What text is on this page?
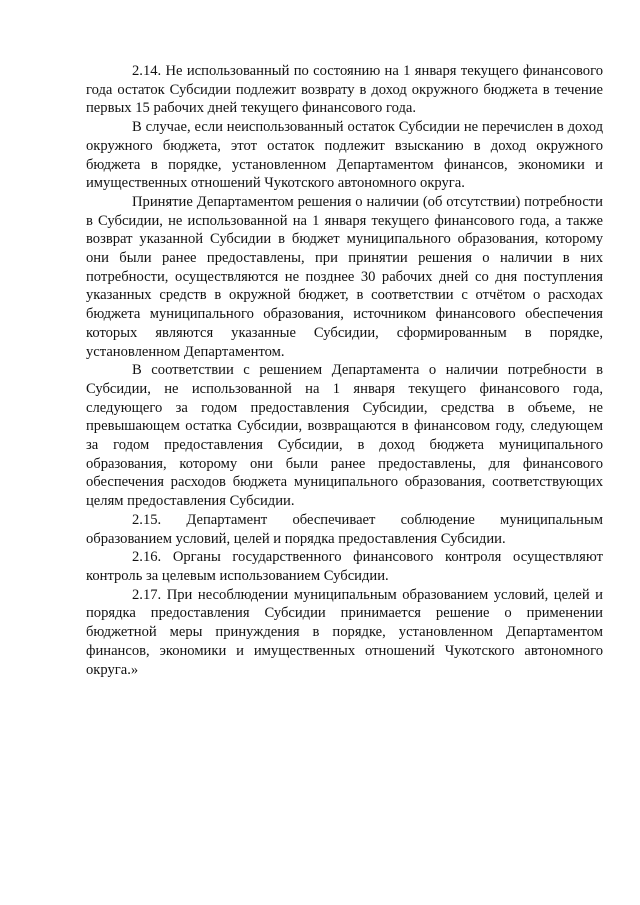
2.14. Не использованный по состоянию на 1 января текущего финансового года остаток Субсидии подлежит возврату в доход окружного бюджета в течение первых 15 рабочих дней текущего финансового года.

В случае, если неиспользованный остаток Субсидии не перечислен в доход окружного бюджета, этот остаток подлежит взысканию в доход окружного бюджета в порядке, установленном Департаментом финансов, экономики и имущественных отношений Чукотского автономного округа.

Принятие Департаментом решения о наличии (об отсутствии) потребности в Субсидии, не использованной на 1 января текущего финансового года, а также возврат указанной Субсидии в бюджет муниципального образования, которому они были ранее предоставлены, при принятии решения о наличии в них потребности, осуществляются не позднее 30 рабочих дней со дня поступления указанных средств в окружной бюджет, в соответствии с отчётом о расходах бюджета муниципального образования, источником финансового обеспечения которых являются указанные Субсидии, сформированным в порядке, установленном Департаментом.

В соответствии с решением Департамента о наличии потребности в Субсидии, не использованной на 1 января текущего финансового года, следующего за годом предоставления Субсидии, средства в объеме, не превышающем остатка Субсидии, возвращаются в финансовом году, следующем за годом предоставления Субсидии, в доход бюджета муниципального образования, которому они были ранее предоставлены, для финансового обеспечения расходов бюджета муниципального образования, соответствующих целям предоставления Субсидии.

2.15. Департамент обеспечивает соблюдение муниципальным образованием условий, целей и порядка предоставления Субсидии.

2.16. Органы государственного финансового контроля осуществляют контроль за целевым использованием Субсидии.

2.17. При несоблюдении муниципальным образованием условий, целей и порядка предоставления Субсидии принимается решение о применении бюджетной меры принуждения в порядке, установленном Департаментом финансов, экономики и имущественных отношений Чукотского автономного округа.»
